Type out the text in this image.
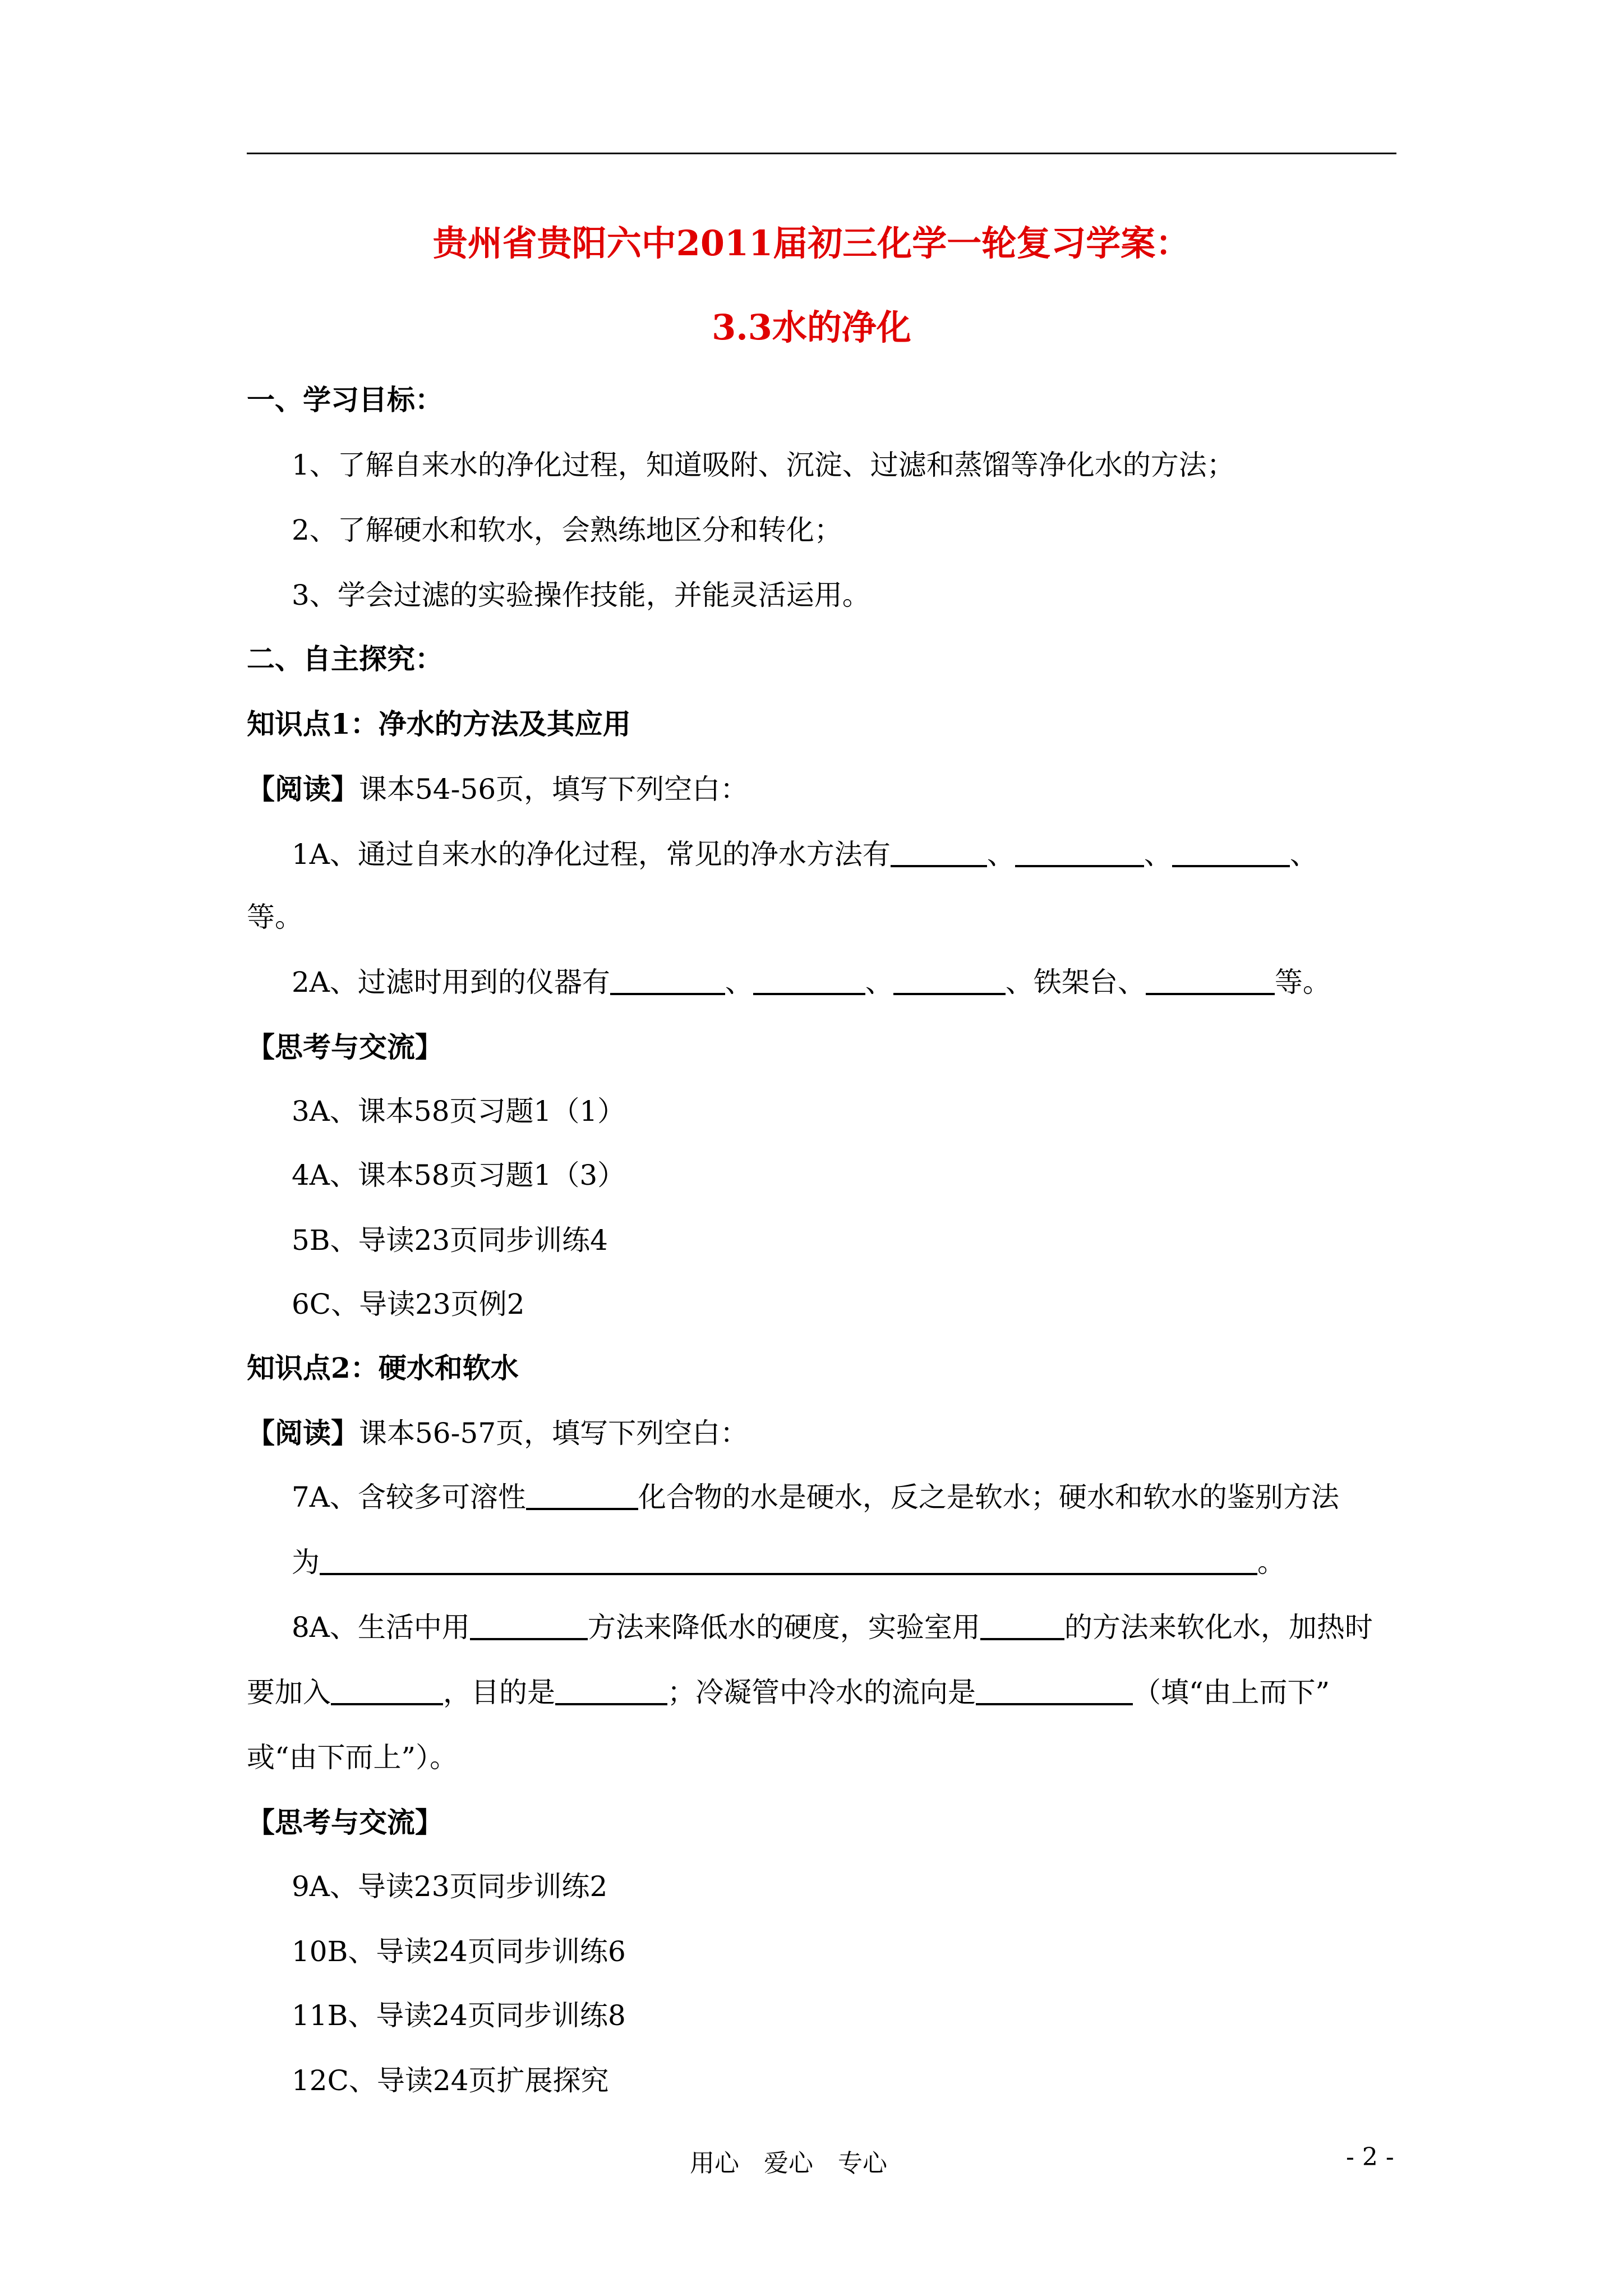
贵州省贵阳六中2011届初三化学一轮复习学案：
3.3水的净化
一、学习目标：
1、了解自来水的净化过程，知道吸附、沉淀、过滤和蒸馏等净化水的方法；
2、了解硬水和软水，会熟练地区分和转化；
3、学会过滤的实验操作技能，并能灵活运用。
二、自主探究：
知识点1：净水的方法及其应用
【阅读】课本54-56页，填写下列空白：
1A、通过自来水的净化过程，常见的净水方法有	、	、	、
等。
2A、过滤时用到的仪器有	、	、	、铁架台、	等。
【思考与交流】
3A、课本58页习题1（1）
4A、课本58页习题1（3）
5B、导读23页同步训练4
6C、导读23页例2
知识点2：硬水和软水
【阅读】课本56-57页，填写下列空白：
7A、含较多可溶性	化合物的水是硬水，反之是软水；硬水和软水的鉴别方法
为	。
8A、生活中用	方法来降低水的硬度，实验室用	的方法来软化水，加热时
要加入	，目的是	；冷凝管中冷水的流向是	（填“由上而下”
或“由下而上”）。
【思考与交流】
9A、导读23页同步训练2
10B、导读24页同步训练6
11B、导读24页同步训练8
12C、导读24页扩展探究
用心　爱心　专心	- 2 -
